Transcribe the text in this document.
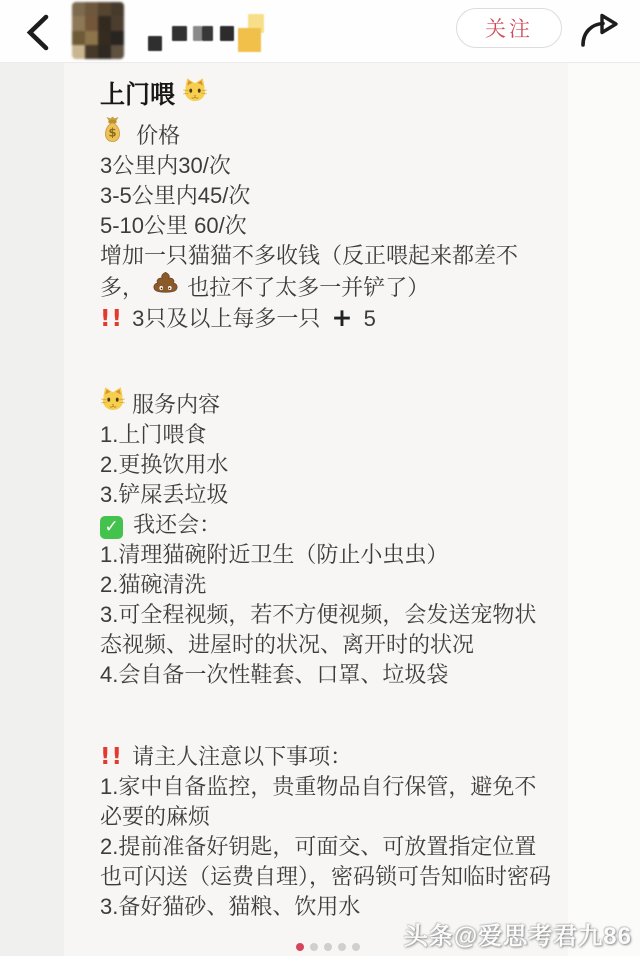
关注
上门喂
$ 价格
3公里内30/次
3-5公里内45/次
5-10公里 60/次
增加一只猫猫不多收钱（反正喂起来都差不多， 也拉不了太多一并铲了）
!! 3只及以上每多一只 + 5
服务内容
1.上门喂食
2.更换饮用水
3.铲屎丢垃圾
✓ 我还会：
1.清理猫碗附近卫生（防止小虫虫）
2.猫碗清洗
3.可全程视频，若不方便视频，会发送宠物状态视频、进屋时的状况、离开时的状况
4.会自备一次性鞋套、口罩、垃圾袋
!! 请主人注意以下事项：
1.家中自备监控，贵重物品自行保管，避免不必要的麻烦
2.提前准备好钥匙，可面交、可放置指定位置也可闪送（运费自理），密码锁可告知临时密码
3.备好猫砂、猫粮、饮用水
头条@爱思考君九86
